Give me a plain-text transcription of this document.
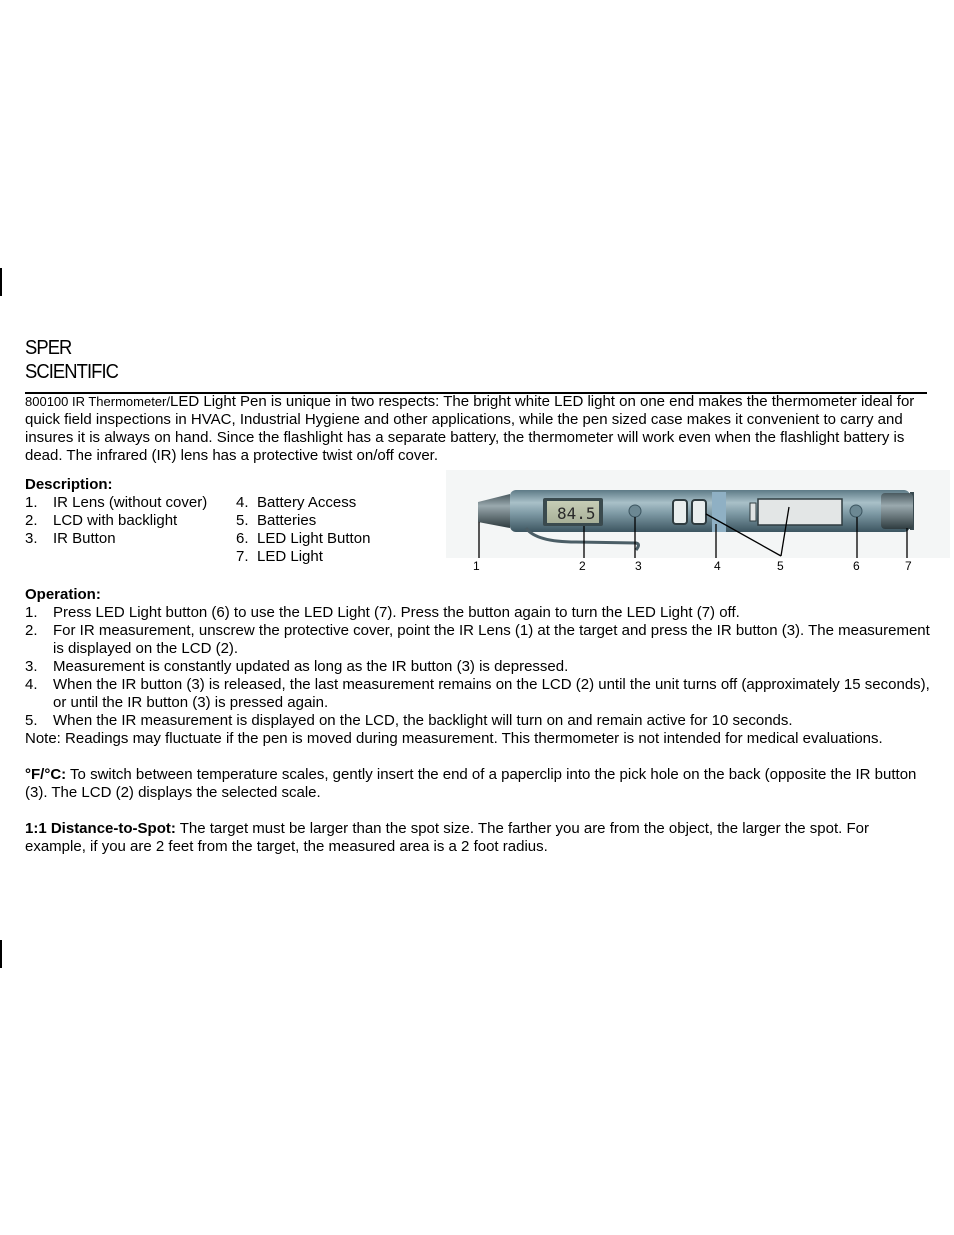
SPER
SCIENTIFIC
800100 IR Thermometer/LED Light Pen is unique in two respects: The bright white LED light on one end makes the thermometer ideal for quick field inspections in HVAC, Industrial Hygiene and other applications, while the pen sized case makes it convenient to carry and insures it is always on hand. Since the flashlight has a separate battery, the thermometer will work even when the flashlight battery is dead. The infrared (IR) lens has a protective twist on/off cover.
Description:
1.	IR Lens (without cover)
2.	LCD with backlight
3.	IR Button
4. Battery Access
5. Batteries
6. LED Light Button
7. LED Light
84.5
1	2	3	4	5	6	7
Operation:
1.	Press LED Light button (6) to use the LED Light (7). Press the button again to turn the LED Light (7) off.
2.	For IR measurement, unscrew the protective cover, point the IR Lens (1) at the target and press the IR button (3). The measurement is displayed on the LCD (2).
3.	Measurement is constantly updated as long as the IR button (3) is depressed.
4.	When the IR button (3) is released, the last measurement remains on the LCD (2) until the unit turns off (approximately 15 seconds), or until the IR button (3) is pressed again.
5.	When the IR measurement is displayed on the LCD, the backlight will turn on and remain active for 10 seconds.
Note: Readings may fluctuate if the pen is moved during measurement. This thermometer is not intended for medical evaluations.
°F/°C: To switch between temperature scales, gently insert the end of a paperclip into the pick hole on the back (opposite the IR button (3). The LCD (2) displays the selected scale.
1:1 Distance-to-Spot: The target must be larger than the spot size. The farther you are from the object, the larger the spot. For example, if you are 2 feet from the target, the measured area is a 2 foot radius.
